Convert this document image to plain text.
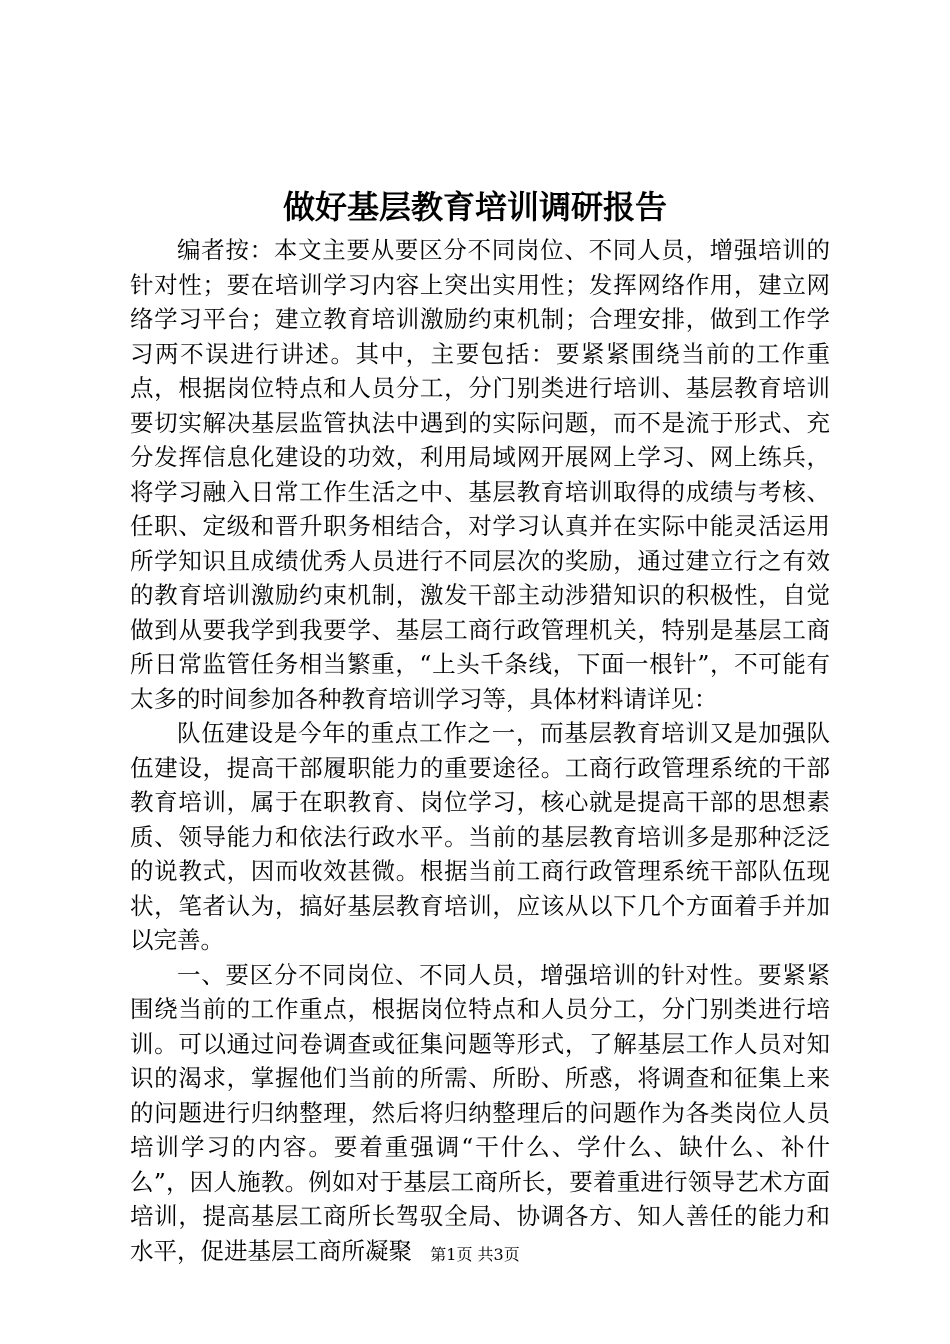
做好基层教育培训调研报告

编者按：本文主要从要区分不同岗位、不同人员，增强培训的针对性；要在培训学习内容上突出实用性；发挥网络作用，建立网络学习平台；建立教育培训激励约束机制；合理安排，做到工作学习两不误进行讲述。其中，主要包括：要紧紧围绕当前的工作重点，根据岗位特点和人员分工，分门别类进行培训、基层教育培训要切实解决基层监管执法中遇到的实际问题，而不是流于形式、充分发挥信息化建设的功效，利用局域网开展网上学习、网上练兵，将学习融入日常工作生活之中、基层教育培训取得的成绩与考核、任职、定级和晋升职务相结合，对学习认真并在实际中能灵活运用所学知识且成绩优秀人员进行不同层次的奖励，通过建立行之有效的教育培训激励约束机制，激发干部主动涉猎知识的积极性，自觉做到从要我学到我要学、基层工商行政管理机关，特别是基层工商所日常监管任务相当繁重，“上头千条线，下面一根针”，不可能有太多的时间参加各种教育培训学习等，具体材料请详见：

队伍建设是今年的重点工作之一，而基层教育培训又是加强队伍建设，提高干部履职能力的重要途径。工商行政管理系统的干部教育培训，属于在职教育、岗位学习，核心就是提高干部的思想素质、领导能力和依法行政水平。当前的基层教育培训多是那种泛泛的说教式，因而收效甚微。根据当前工商行政管理系统干部队伍现状，笔者认为，搞好基层教育培训，应该从以下几个方面着手并加以完善。

一、要区分不同岗位、不同人员，增强培训的针对性。要紧紧围绕当前的工作重点，根据岗位特点和人员分工，分门别类进行培训。可以通过问卷调查或征集问题等形式，了解基层工作人员对知识的渴求，掌握他们当前的所需、所盼、所惑，将调查和征集上来的问题进行归纳整理，然后将归纳整理后的问题作为各类岗位人员培训学习的内容。要着重强调“干什么、学什么、缺什么、补什么”，因人施教。例如对于基层工商所长，要着重进行领导艺术方面培训，提高基层工商所长驾驭全局、协调各方、知人善任的能力和水平，促进基层工商所凝聚	第1页 共3页
